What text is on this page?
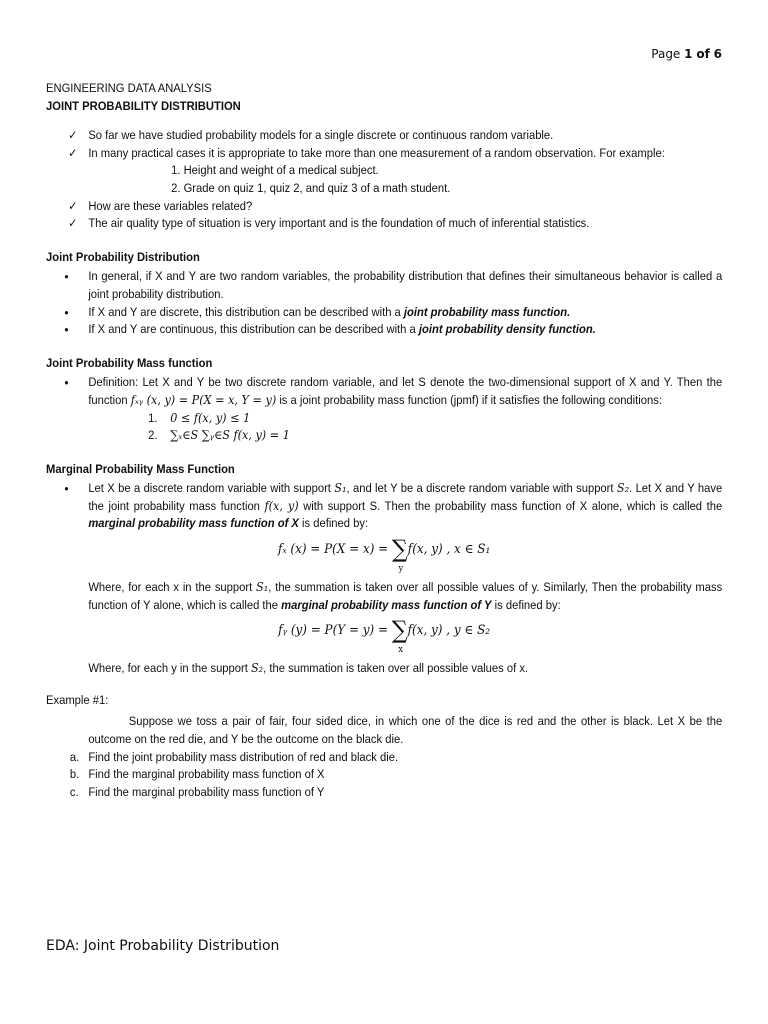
Page 1 of 6

ENGINEERING DATA ANALYSIS

JOINT PROBABILITY DISTRIBUTION

✓ So far we have studied probability models for a single discrete or continuous random variable.
✓ In many practical cases it is appropriate to take more than one measurement of a random observation. For example:
1. Height and weight of a medical subject.
2. Grade on quiz 1, quiz 2, and quiz 3 of a math student.
✓ How are these variables related?
✓ The air quality type of situation is very important and is the foundation of much of inferential statistics.
Joint Probability Distribution
• In general, if X and Y are two random variables, the probability distribution that defines their simultaneous behavior is called a joint probability distribution.
• If X and Y are discrete, this distribution can be described with a joint probability mass function.
• If X and Y are continuous, this distribution can be described with a joint probability density function.
Joint Probability Mass function
• Definition: Let X and Y be two discrete random variable, and let S denote the two-dimensional support of X and Y. Then the function fₓᵧ (x, y) = P(X = x, Y = y) is a joint probability mass function (jpmf) if it satisfies the following conditions:
1. 0 ≤ f(x, y) ≤ 1
2. ∑ₓ∈S ∑ᵧ∈S f(x, y) = 1
Marginal Probability Mass Function
• Let X be a discrete random variable with support S₁, and let Y be a discrete random variable with support S₂. Let X and Y have the joint probability mass function f(x, y) with support S. Then the probability mass function of X alone, which is called the marginal probability mass function of X is defined by:
fₓ (x) = P(X = x) = ∑
y
f(x, y) , x ∈ S₁
Where, for each x in the support S₁, the summation is taken over all possible values of y. Similarly, Then the probability mass function of Y alone, which is called the marginal probability mass function of Y is defined by:
fᵧ (y) = P(Y = y) = ∑
x
f(x, y) , y ∈ S₂
Where, for each y in the support S₂, the summation is taken over all possible values of x.

Example #1:

Suppose we toss a pair of fair, four sided dice, in which one of the dice is red and the other is black. Let X be the outcome on the red die, and Y be the outcome on the black die.
a. Find the joint probability mass distribution of red and black die.
b. Find the marginal probability mass function of X
c. Find the marginal probability mass function of Y
EDA: Joint Probability Distribution
